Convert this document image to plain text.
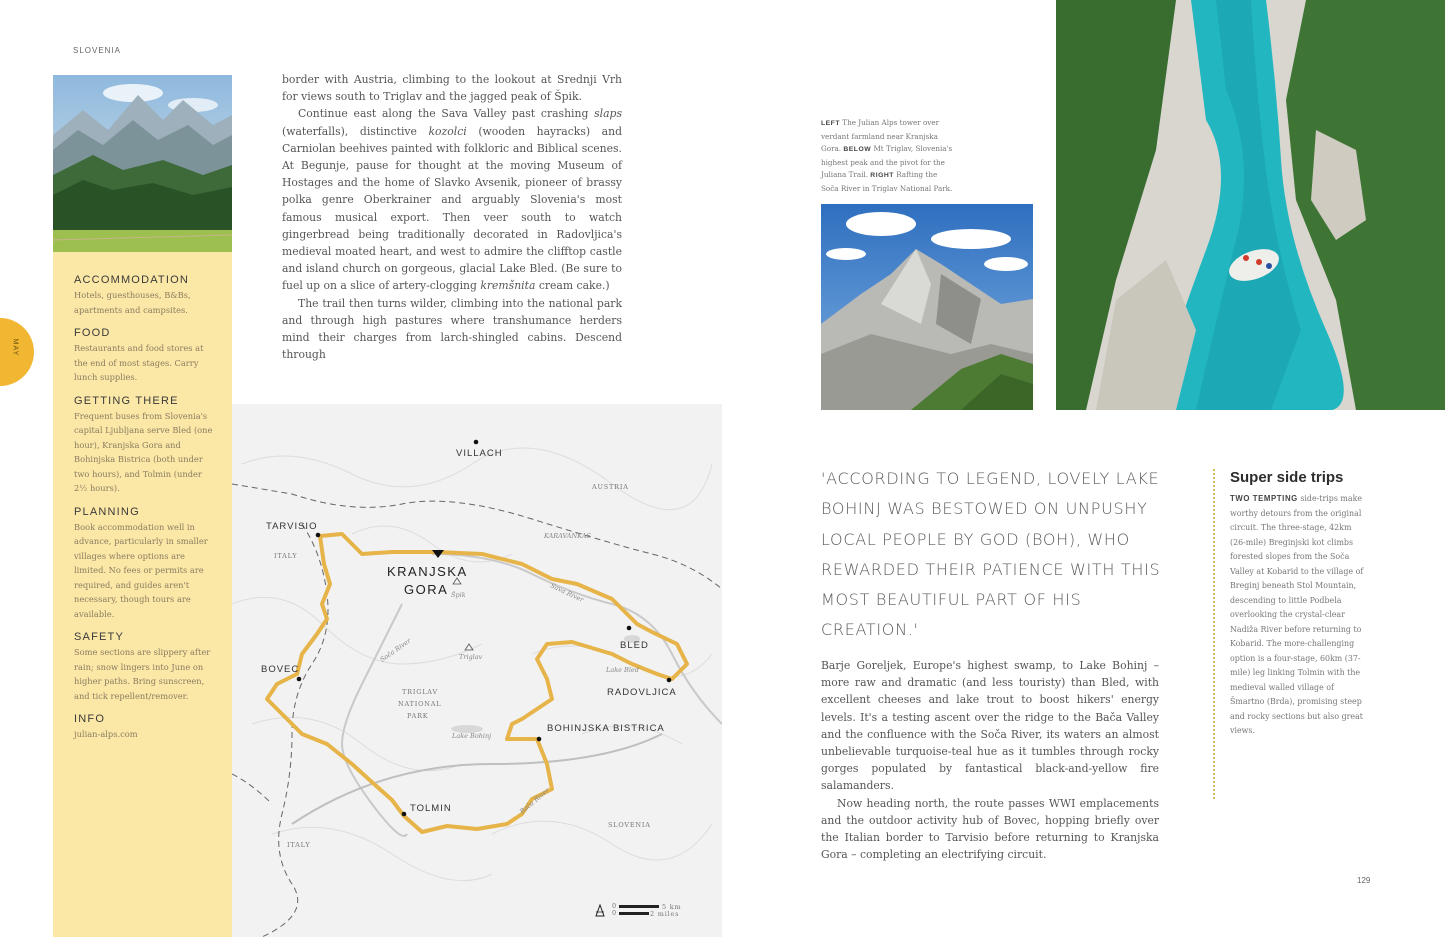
SLOVENIA
129
MAY
ACCOMMODATION
Hotels, guesthouses, B&Bs, apartments and campsites.
FOOD
Restaurants and food stores at the end of most stages. Carry lunch supplies.
GETTING THERE
Frequent buses from Slovenia's capital Ljubljana serve Bled (one hour), Kranjska Gora and Bohinjska Bistrica (both under two hours), and Tolmin (under 2½ hours).
PLANNING
Book accommodation well in advance, particularly in smaller villages where options are limited. No fees or permits are required, and guides aren't necessary, though tours are available.
SAFETY
Some sections are slippery after rain; snow lingers into June on higher paths. Bring sunscreen, and tick repellent/remover.
INFO
julian-alps.com

border with Austria, climbing to the lookout at Srednji Vrh for views south to Triglav and the jagged peak of Špik.

Continue east along the Sava Valley past crashing slaps (waterfalls), distinctive kozolci (wooden hayracks) and Carniolan beehives painted with folkloric and Biblical scenes. At Begunje, pause for thought at the moving Museum of Hostages and the home of Slavko Avsenik, pioneer of brassy polka genre Oberkrainer and arguably Slovenia's most famous musical export. Then veer south to watch gingerbread being traditionally decorated in Radovljica's medieval moated heart, and west to admire the clifftop castle and island church on gorgeous, glacial Lake Bled. (Be sure to fuel up on a slice of artery-clogging kremšnita cream cake.)

The trail then turns wilder, climbing into the national park and through high pastures where transhumance herders mind their charges from larch-shingled cabins. Descend through

VILLACH
AUSTRIA
TARVISIO
ITALY
KARAVANKAS
KRANJSKA
GORA Špik	Sava River
Soča River	Triglav
BLED
Lake Bled
RADOVLJICA
BOVEC
TRIGLAV
NATIONAL
PARK
Lake Bohinj
BOHINJSKA BISTRICA
TOLMIN	Bača River
SLOVENIA
ITALY
0
0
5 km
2 miles
LEFT The Julian Alps tower over verdant farmland near Kranjska Gora. BELOW Mt Triglav, Slovenia's highest peak and the pivot for the Juliana Trail. RIGHT Rafting the Soča River in Triglav National Park.
'ACCORDING TO LEGEND, LOVELY LAKE BOHINJ WAS BESTOWED ON UNPUSHY LOCAL PEOPLE BY GOD (BOH), WHO REWARDED THEIR PATIENCE WITH THIS MOST BEAUTIFUL PART OF HIS CREATION.'

Barje Goreljek, Europe's highest swamp, to Lake Bohinj – more raw and dramatic (and less touristy) than Bled, with excellent cheeses and lake trout to boost hikers' energy levels. It's a testing ascent over the ridge to the Bača Valley and the confluence with the Soča River, its waters an almost unbelievable turquoise-teal hue as it tumbles through rocky gorges populated by fantastical black-and-yellow fire salamanders.

Now heading north, the route passes WWI emplacements and the outdoor activity hub of Bovec, hopping briefly over the Italian border to Tarvisio before returning to Kranjska Gora – completing an electrifying circuit.

Super side trips
TWO TEMPTING side-trips make worthy detours from the original circuit. The three-stage, 42km (26-mile) Breginjski kot climbs forested slopes from the Soča Valley at Kobarid to the village of Breginj beneath Stol Mountain, descending to little Podbela overlooking the crystal-clear Nadiža River before returning to Kobarid. The more-challenging option is a four-stage, 60km (37-mile) leg linking Tolmin with the medieval walled village of Šmartno (Brda), promising steep and rocky sections but also great views.
